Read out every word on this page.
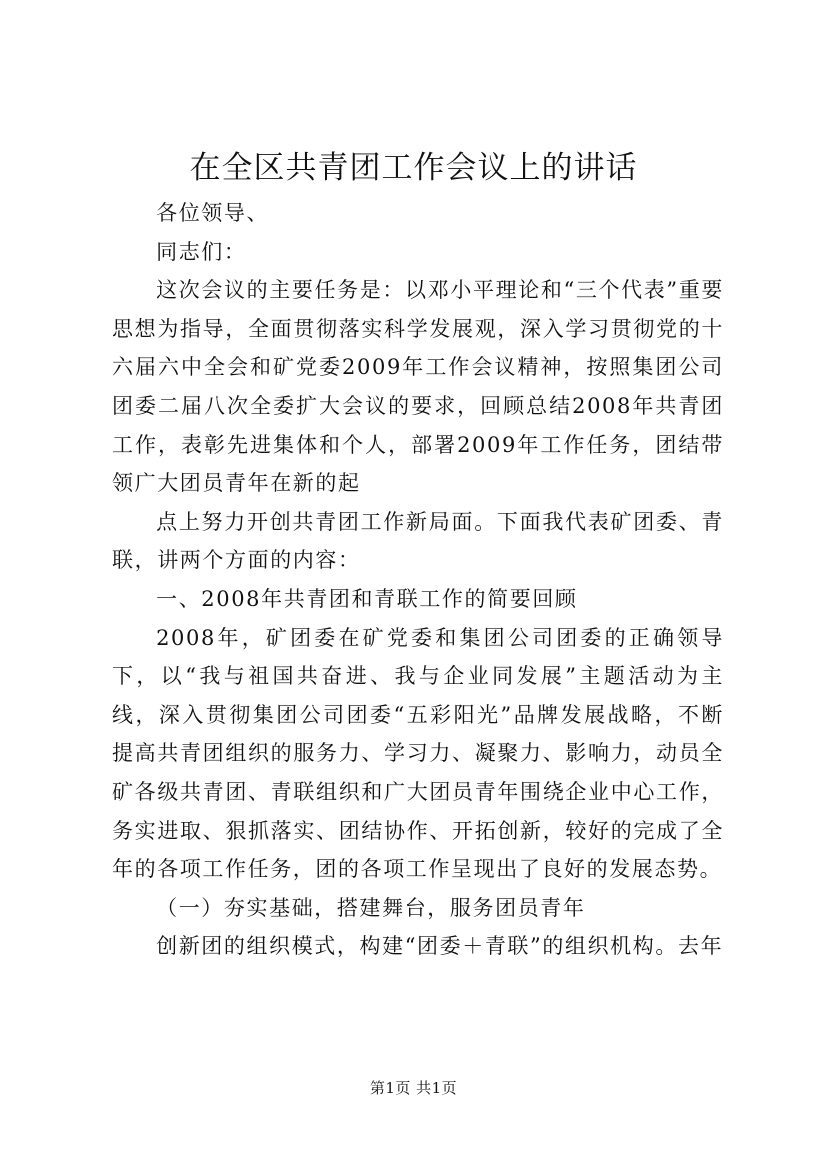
在全区共青团工作会议上的讲话

各位领导、

同志们：

这次会议的主要任务是：以邓小平理论和“三个代表”重要思想为指导，全面贯彻落实科学发展观，深入学习贯彻党的十六届六中全会和矿党委2009年工作会议精神，按照集团公司团委二届八次全委扩大会议的要求，回顾总结2008年共青团工作，表彰先进集体和个人，部署2009年工作任务，团结带领广大团员青年在新的起

点上努力开创共青团工作新局面。下面我代表矿团委、青联，讲两个方面的内容：

一、2008年共青团和青联工作的简要回顾

2008年，矿团委在矿党委和集团公司团委的正确领导下，以“我与祖国共奋进、我与企业同发展”主题活动为主线，深入贯彻集团公司团委“五彩阳光”品牌发展战略，不断提高共青团组织的服务力、学习力、凝聚力、影响力，动员全矿各级共青团、青联组织和广大团员青年围绕企业中心工作，务实进取、狠抓落实、团结协作、开拓创新，较好的完成了全年的各项工作任务，团的各项工作呈现出了良好的发展态势。

（一）夯实基础，搭建舞台，服务团员青年

创新团的组织模式，构建“团委＋青联”的组织机构。去年

第1页 共1页
